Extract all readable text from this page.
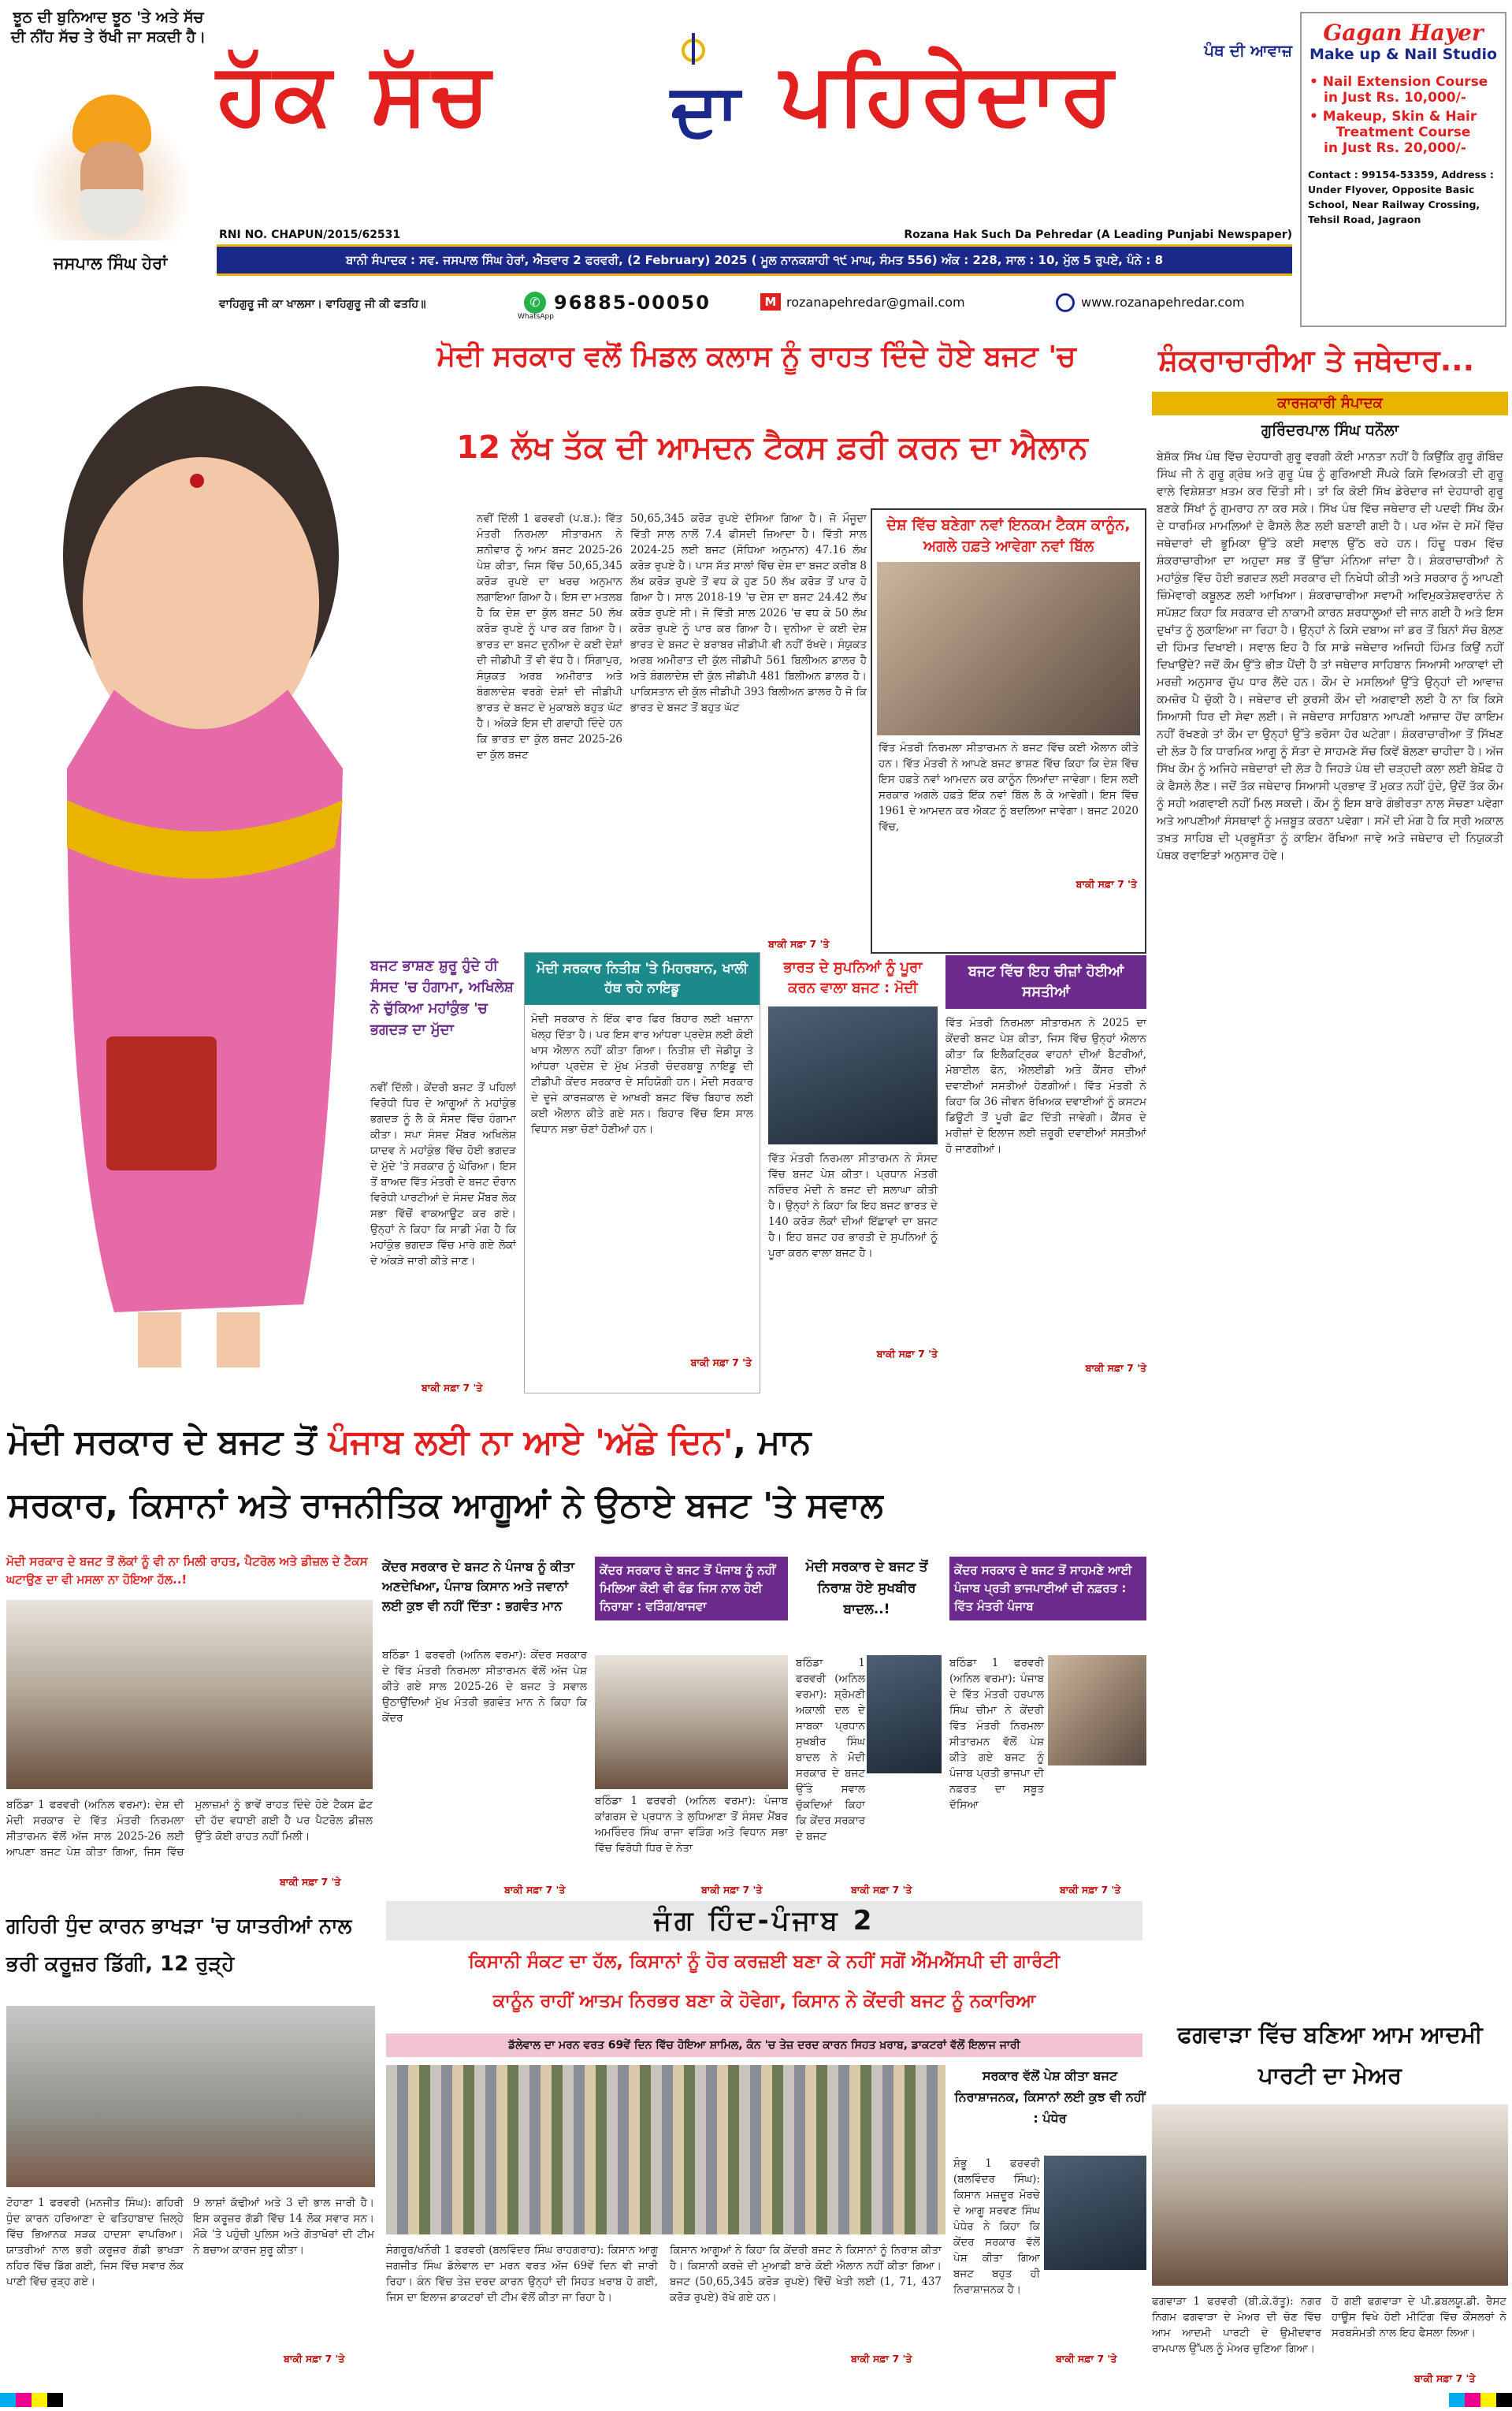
ਝੂਠ ਦੀ ਬੁਨਿਆਦ ਝੂਠ 'ਤੇ ਅਤੇ ਸੱਚ ਦੀ ਨੀਂਹ ਸੱਚ ਤੇ ਰੱਖੀ ਜਾ ਸਕਦੀ ਹੈ।
ਜਸਪਾਲ ਸਿੰਘ ਹੇਰਾਂ
ਹੱਕ ਸੱਚ	ਦਾ ਪਹਿਰੇਦਾਰ	ਪੰਥ ਦੀ ਆਵਾਜ਼
RNI NO. CHAPUN/2015/62531	Rozana Hak Such Da Pehredar (A Leading Punjabi Newspaper)
ਬਾਨੀ ਸੰਪਾਦਕ : ਸਵ. ਜਸਪਾਲ ਸਿੰਘ ਹੇਰਾਂ, ਐਤਵਾਰ 2 ਫਰਵਰੀ, (2 February) 2025 ( ਮੂਲ ਨਾਨਕਸ਼ਾਹੀ ੧੯ ਮਾਘ, ਸੰਮਤ 556) ਅੰਕ : 228, ਸਾਲ : 10, ਮੁੱਲ 5 ਰੁਪਏ, ਪੰਨੇ : 8
ਵਾਹਿਗੁਰੂ ਜੀ ਕਾ ਖਾਲਸਾ। ਵਾਹਿਗੁਰੂ ਜੀ ਕੀ ਫਤਹਿ॥	✆
WhatsApp
96885-00050	M rozanapehredar@gmail.com	www.rozanapehredar.com
Gagan Hayer
Make up & Nail Studio
• Nail Extension Course
in Just Rs. 10,000/-
• Makeup, Skin & Hair
Treatment Course
in Just Rs. 20,000/-
Contact : 99154-53359, Address : Under Flyover, Opposite Basic School, Near Railway Crossing, Tehsil Road, Jagraon
ਮੋਦੀ ਸਰਕਾਰ ਵਲੋਂ ਮਿਡਲ ਕਲਾਸ ਨੂੰ ਰਾਹਤ ਦਿੰਦੇ ਹੋਏ ਬਜਟ 'ਚ
12 ਲੱਖ ਤੱਕ ਦੀ ਆਮਦਨ ਟੈਕਸ ਫ਼ਰੀ ਕਰਨ ਦਾ ਐਲਾਨ
ਨਵੀਂ ਦਿੱਲੀ 1 ਫਰਵਰੀ (ਪ.ਬ.): ਵਿੱਤ ਮੰਤਰੀ ਨਿਰਮਲਾ ਸੀਤਾਰਮਨ ਨੇ ਸ਼ਨੀਵਾਰ ਨੂੰ ਆਮ ਬਜਟ 2025-26 ਪੇਸ਼ ਕੀਤਾ, ਜਿਸ ਵਿੱਚ 50,65,345 ਕਰੋੜ ਰੁਪਏ ਦਾ ਖਰਚ ਅਨੁਮਾਨ ਲਗਾਇਆ ਗਿਆ ਹੈ। ਇਸ ਦਾ ਮਤਲਬ ਹੈ ਕਿ ਦੇਸ਼ ਦਾ ਕੁੱਲ ਬਜਟ 50 ਲੱਖ ਕਰੋੜ ਰੁਪਏ ਨੂੰ ਪਾਰ ਕਰ ਗਿਆ ਹੈ। ਭਾਰਤ ਦਾ ਬਜਟ ਦੁਨੀਆ ਦੇ ਕਈ ਦੇਸ਼ਾਂ ਦੀ ਜੀਡੀਪੀ ਤੋਂ ਵੀ ਵੱਧ ਹੈ। ਸਿੰਗਾਪੁਰ, ਸੰਯੁਕਤ ਅਰਬ ਅਮੀਰਾਤ ਅਤੇ ਬੰਗਲਾਦੇਸ਼ ਵਰਗੇ ਦੇਸ਼ਾਂ ਦੀ ਜੀਡੀਪੀ ਭਾਰਤ ਦੇ ਬਜਟ ਦੇ ਮੁਕਾਬਲੇ ਬਹੁਤ ਘੱਟ ਹੈ। ਅੰਕੜੇ ਇਸ ਦੀ ਗਵਾਹੀ ਦਿੰਦੇ ਹਨ ਕਿ ਭਾਰਤ ਦਾ ਕੁੱਲ ਬਜਟ 2025-26 ਦਾ ਕੁੱਲ ਬਜਟ
50,65,345 ਕਰੋੜ ਰੁਪਏ ਦੱਸਿਆ ਗਿਆ ਹੈ। ਜੋ ਮੌਜੂਦਾ ਵਿੱਤੀ ਸਾਲ ਨਾਲੋਂ 7.4 ਫੀਸਦੀ ਜ਼ਿਆਦਾ ਹੈ। ਵਿੱਤੀ ਸਾਲ 2024-25 ਲਈ ਬਜਟ (ਸੋਧਿਆ ਅਨੁਮਾਨ) 47.16 ਲੱਖ ਕਰੋੜ ਰੁਪਏ ਹੈ। ਪਾਸ ਸੱਤ ਸਾਲਾਂ ਵਿੱਚ ਦੇਸ਼ ਦਾ ਬਜਟ ਕਰੀਬ 8 ਲੱਖ ਕਰੋੜ ਰੁਪਏ ਤੋਂ ਵਧ ਕੇ ਹੁਣ 50 ਲੱਖ ਕਰੋੜ ਤੋਂ ਪਾਰ ਹੋ ਗਿਆ ਹੈ। ਸਾਲ 2018-19 'ਚ ਦੇਸ਼ ਦਾ ਬਜਟ 24.42 ਲੱਖ ਕਰੋੜ ਰੁਪਏ ਸੀ। ਜੋ ਵਿੱਤੀ ਸਾਲ 2026 'ਚ ਵਧ ਕੇ 50 ਲੱਖ ਕਰੋੜ ਰੁਪਏ ਨੂੰ ਪਾਰ ਕਰ ਗਿਆ ਹੈ। ਦੁਨੀਆ ਦੇ ਕਈ ਦੇਸ਼ ਭਾਰਤ ਦੇ ਬਜਟ ਦੇ ਬਰਾਬਰ ਜੀਡੀਪੀ ਵੀ ਨਹੀਂ ਰੱਖਦੇ। ਸੰਯੁਕਤ ਅਰਬ ਅਮੀਰਾਤ ਦੀ ਕੁੱਲ ਜੀਡੀਪੀ 561 ਬਿਲੀਅਨ ਡਾਲਰ ਹੈ ਅਤੇ ਬੰਗਲਾਦੇਸ਼ ਦੀ ਕੁੱਲ ਜੀਡੀਪੀ 481 ਬਿਲੀਅਨ ਡਾਲਰ ਹੈ। ਪਾਕਿਸਤਾਨ ਦੀ ਕੁੱਲ ਜੀਡੀਪੀ 393 ਬਿਲੀਅਨ ਡਾਲਰ ਹੈ ਜੋ ਕਿ ਭਾਰਤ ਦੇ ਬਜਟ ਤੋਂ ਬਹੁਤ ਘੱਟ
ਬਾਕੀ ਸਫ਼ਾ 7 'ਤੇ
ਦੇਸ਼ ਵਿੱਚ ਬਣੇਗਾ ਨਵਾਂ ਇਨਕਮ ਟੈਕਸ ਕਾਨੂੰਨ, ਅਗਲੇ ਹਫ਼ਤੇ ਆਵੇਗਾ ਨਵਾਂ ਬਿੱਲ
ਵਿੱਤ ਮੰਤਰੀ ਨਿਰਮਲਾ ਸੀਤਾਰਮਨ ਨੇ ਬਜਟ ਵਿੱਚ ਕਈ ਐਲਾਨ ਕੀਤੇ ਹਨ। ਵਿੱਤ ਮੰਤਰੀ ਨੇ ਆਪਣੇ ਬਜਟ ਭਾਸ਼ਣ ਵਿੱਚ ਕਿਹਾ ਕਿ ਦੇਸ਼ ਵਿੱਚ ਇਸ ਹਫ਼ਤੇ ਨਵਾਂ ਆਮਦਨ ਕਰ ਕਾਨੂੰਨ ਲਿਆਂਦਾ ਜਾਵੇਗਾ। ਇਸ ਲਈ ਸਰਕਾਰ ਅਗਲੇ ਹਫ਼ਤੇ ਇੱਕ ਨਵਾਂ ਬਿੱਲ ਲੈ ਕੇ ਆਵੇਗੀ। ਇਸ ਵਿੱਚ 1961 ਦੇ ਆਮਦਨ ਕਰ ਐਕਟ ਨੂੰ ਬਦਲਿਆ ਜਾਵੇਗਾ। ਬਜਟ 2020 ਵਿੱਚ,
ਬਾਕੀ ਸਫ਼ਾ 7 'ਤੇ
ਬਜਟ ਭਾਸ਼ਣ ਸ਼ੁਰੂ ਹੁੰਦੇ ਹੀ ਸੰਸਦ 'ਚ ਹੰਗਾਮਾ, ਅਖਿਲੇਸ਼ ਨੇ ਚੁੱਕਿਆ ਮਹਾਂਕੁੰਭ 'ਚ ਭਗਦੜ ਦਾ ਮੁੱਦਾ
ਨਵੀਂ ਦਿੱਲੀ। ਕੇਂਦਰੀ ਬਜਟ ਤੋਂ ਪਹਿਲਾਂ ਵਿਰੋਧੀ ਧਿਰ ਦੇ ਆਗੂਆਂ ਨੇ ਮਹਾਂਕੁੰਭ ਭਗਦੜ ਨੂੰ ਲੈ ਕੇ ਸੰਸਦ ਵਿੱਚ ਹੰਗਾਮਾ ਕੀਤਾ। ਸਪਾ ਸੰਸਦ ਮੈਂਬਰ ਅਖਿਲੇਸ਼ ਯਾਦਵ ਨੇ ਮਹਾਂਕੁੰਭ ਵਿੱਚ ਹੋਈ ਭਗਦੜ ਦੇ ਮੁੱਦੇ 'ਤੇ ਸਰਕਾਰ ਨੂੰ ਘੇਰਿਆ। ਇਸ ਤੋਂ ਬਾਅਦ ਵਿੱਤ ਮੰਤਰੀ ਦੇ ਬਜਟ ਦੌਰਾਨ ਵਿਰੋਧੀ ਪਾਰਟੀਆਂ ਦੇ ਸੰਸਦ ਮੈਂਬਰ ਲੋਕ ਸਭਾ ਵਿੱਚੋਂ ਵਾਕਆਊਟ ਕਰ ਗਏ। ਉਨ੍ਹਾਂ ਨੇ ਕਿਹਾ ਕਿ ਸਾਡੀ ਮੰਗ ਹੈ ਕਿ ਮਹਾਂਕੁੰਭ ਭਗਦੜ ਵਿੱਚ ਮਾਰੇ ਗਏ ਲੋਕਾਂ ਦੇ ਅੰਕੜੇ ਜਾਰੀ ਕੀਤੇ ਜਾਣ।
ਬਾਕੀ ਸਫ਼ਾ 7 'ਤੇ
ਮੋਦੀ ਸਰਕਾਰ ਨਿਤੀਸ਼ 'ਤੇ ਮਿਹਰਬਾਨ, ਖਾਲੀ ਹੱਥ ਰਹੇ ਨਾਇਡੂ
ਮੋਦੀ ਸਰਕਾਰ ਨੇ ਇੱਕ ਵਾਰ ਫਿਰ ਬਿਹਾਰ ਲਈ ਖਜ਼ਾਨਾ ਖੋਲ੍ਹ ਦਿੱਤਾ ਹੈ। ਪਰ ਇਸ ਵਾਰ ਆਂਧਰਾ ਪ੍ਰਦੇਸ਼ ਲਈ ਕੋਈ ਖਾਸ ਐਲਾਨ ਨਹੀਂ ਕੀਤਾ ਗਿਆ। ਨਿਤੀਸ਼ ਦੀ ਜੇਡੀਯੂ ਤੇ ਆਂਧਰਾ ਪ੍ਰਦੇਸ਼ ਦੇ ਮੁੱਖ ਮੰਤਰੀ ਚੰਦਰਬਾਬੂ ਨਾਇਡੂ ਦੀ ਟੀਡੀਪੀ ਕੇਂਦਰ ਸਰਕਾਰ ਦੇ ਸਹਿਯੋਗੀ ਹਨ। ਮੋਦੀ ਸਰਕਾਰ ਦੇ ਦੂਜੇ ਕਾਰਜਕਾਲ ਦੇ ਆਖਰੀ ਬਜਟ ਵਿੱਚ ਬਿਹਾਰ ਲਈ ਕਈ ਐਲਾਨ ਕੀਤੇ ਗਏ ਸਨ। ਬਿਹਾਰ ਵਿੱਚ ਇਸ ਸਾਲ ਵਿਧਾਨ ਸਭਾ ਚੋਣਾਂ ਹੋਣੀਆਂ ਹਨ।
ਬਾਕੀ ਸਫ਼ਾ 7 'ਤੇ
ਭਾਰਤ ਦੇ ਸੁਪਨਿਆਂ ਨੂੰ ਪੂਰਾ ਕਰਨ ਵਾਲਾ ਬਜਟ : ਮੋਦੀ
ਵਿੱਤ ਮੰਤਰੀ ਨਿਰਮਲਾ ਸੀਤਾਰਮਨ ਨੇ ਸੰਸਦ ਵਿੱਚ ਬਜਟ ਪੇਸ਼ ਕੀਤਾ। ਪ੍ਰਧਾਨ ਮੰਤਰੀ ਨਰਿੰਦਰ ਮੋਦੀ ਨੇ ਬਜਟ ਦੀ ਸ਼ਲਾਘਾ ਕੀਤੀ ਹੈ। ਉਨ੍ਹਾਂ ਨੇ ਕਿਹਾ ਕਿ ਇਹ ਬਜਟ ਭਾਰਤ ਦੇ 140 ਕਰੋੜ ਲੋਕਾਂ ਦੀਆਂ ਇੱਛਾਵਾਂ ਦਾ ਬਜਟ ਹੈ। ਇਹ ਬਜਟ ਹਰ ਭਾਰਤੀ ਦੇ ਸੁਪਨਿਆਂ ਨੂੰ ਪੂਰਾ ਕਰਨ ਵਾਲਾ ਬਜਟ ਹੈ।
ਬਾਕੀ ਸਫ਼ਾ 7 'ਤੇ
ਬਜਟ ਵਿੱਚ ਇਹ ਚੀਜ਼ਾਂ ਹੋਈਆਂ ਸਸਤੀਆਂ
ਵਿੱਤ ਮੰਤਰੀ ਨਿਰਮਲਾ ਸੀਤਾਰਮਨ ਨੇ 2025 ਦਾ ਕੇਂਦਰੀ ਬਜਟ ਪੇਸ਼ ਕੀਤਾ, ਜਿਸ ਵਿੱਚ ਉਨ੍ਹਾਂ ਐਲਾਨ ਕੀਤਾ ਕਿ ਇਲੈਕਟ੍ਰਿਕ ਵਾਹਨਾਂ ਦੀਆਂ ਬੈਟਰੀਆਂ, ਮੋਬਾਈਲ ਫੋਨ, ਐਲਈਡੀ ਅਤੇ ਕੈਂਸਰ ਦੀਆਂ ਦਵਾਈਆਂ ਸਸਤੀਆਂ ਹੋਣਗੀਆਂ। ਵਿੱਤ ਮੰਤਰੀ ਨੇ ਕਿਹਾ ਕਿ 36 ਜੀਵਨ ਰੱਖਿਅਕ ਦਵਾਈਆਂ ਨੂੰ ਕਸਟਮ ਡਿਊਟੀ ਤੋਂ ਪੂਰੀ ਛੋਟ ਦਿੱਤੀ ਜਾਵੇਗੀ। ਕੈਂਸਰ ਦੇ ਮਰੀਜ਼ਾਂ ਦੇ ਇਲਾਜ ਲਈ ਜ਼ਰੂਰੀ ਦਵਾਈਆਂ ਸਸਤੀਆਂ ਹੋ ਜਾਣਗੀਆਂ।
ਬਾਕੀ ਸਫ਼ਾ 7 'ਤੇ
ਸ਼ੰਕਰਾਚਾਰੀਆ ਤੇ ਜਥੇਦਾਰ...
ਕਾਰਜਕਾਰੀ ਸੰਪਾਦਕ
ਗੁਰਿੰਦਰਪਾਲ ਸਿੰਘ ਧਨੌਲਾ
ਬੇਸ਼ੱਕ ਸਿੱਖ ਪੰਥ ਵਿੱਚ ਦੇਹਧਾਰੀ ਗੁਰੂ ਵਰਗੀ ਕੋਈ ਮਾਨਤਾ ਨਹੀਂ ਹੈ ਕਿਉਂਕਿ ਗੁਰੂ ਗੋਬਿੰਦ ਸਿੰਘ ਜੀ ਨੇ ਗੁਰੂ ਗ੍ਰੰਥ ਅਤੇ ਗੁਰੂ ਪੰਥ ਨੂੰ ਗੁਰਿਆਈ ਸੌਂਪਕੇ ਕਿਸੇ ਵਿਅਕਤੀ ਦੀ ਗੁਰੂ ਵਾਲੇ ਵਿਸ਼ੇਸ਼ਤਾ ਖ਼ਤਮ ਕਰ ਦਿੱਤੀ ਸੀ। ਤਾਂ ਕਿ ਕੋਈ ਸਿੱਖ ਡੇਰੇਦਾਰ ਜਾਂ ਦੇਹਧਾਰੀ ਗੁਰੂ ਬਣਕੇ ਸਿੱਖਾਂ ਨੂੰ ਗੁਮਰਾਹ ਨਾ ਕਰ ਸਕੇ। ਸਿੱਖ ਪੰਥ ਵਿੱਚ ਜਥੇਦਾਰ ਦੀ ਪਦਵੀ ਸਿੱਖ ਕੌਮ ਦੇ ਧਾਰਮਿਕ ਮਾਮਲਿਆਂ ਦੇ ਫੈਸਲੇ ਲੈਣ ਲਈ ਬਣਾਈ ਗਈ ਹੈ। ਪਰ ਅੱਜ ਦੇ ਸਮੇਂ ਵਿੱਚ ਜਥੇਦਾਰਾਂ ਦੀ ਭੂਮਿਕਾ ਉੱਤੇ ਕਈ ਸਵਾਲ ਉੱਠ ਰਹੇ ਹਨ। ਹਿੰਦੂ ਧਰਮ ਵਿੱਚ ਸ਼ੰਕਰਾਚਾਰੀਆ ਦਾ ਅਹੁਦਾ ਸਭ ਤੋਂ ਉੱਚਾ ਮੰਨਿਆ ਜਾਂਦਾ ਹੈ। ਸ਼ੰਕਰਾਚਾਰੀਆਂ ਨੇ ਮਹਾਂਕੁੰਭ ਵਿੱਚ ਹੋਈ ਭਗਦੜ ਲਈ ਸਰਕਾਰ ਦੀ ਨਿਖੇਧੀ ਕੀਤੀ ਅਤੇ ਸਰਕਾਰ ਨੂੰ ਆਪਣੀ ਜ਼ਿੰਮੇਵਾਰੀ ਕਬੂਲਣ ਲਈ ਆਖਿਆ। ਸ਼ੰਕਰਾਚਾਰੀਆ ਸਵਾਮੀ ਅਵਿਮੁਕਤੇਸ਼ਵਰਾਨੰਦ ਨੇ ਸਪੱਸ਼ਟ ਕਿਹਾ ਕਿ ਸਰਕਾਰ ਦੀ ਨਾਕਾਮੀ ਕਾਰਨ ਸ਼ਰਧਾਲੂਆਂ ਦੀ ਜਾਨ ਗਈ ਹੈ ਅਤੇ ਇਸ ਦੁਖਾਂਤ ਨੂੰ ਲੁਕਾਇਆ ਜਾ ਰਿਹਾ ਹੈ। ਉਨ੍ਹਾਂ ਨੇ ਕਿਸੇ ਦਬਾਅ ਜਾਂ ਡਰ ਤੋਂ ਬਿਨਾਂ ਸੱਚ ਬੋਲਣ ਦੀ ਹਿੰਮਤ ਦਿਖਾਈ। ਸਵਾਲ ਇਹ ਹੈ ਕਿ ਸਾਡੇ ਜਥੇਦਾਰ ਅਜਿਹੀ ਹਿੰਮਤ ਕਿਉਂ ਨਹੀਂ ਦਿਖਾਉਂਦੇ? ਜਦੋਂ ਕੌਮ ਉੱਤੇ ਭੀੜ ਪੈਂਦੀ ਹੈ ਤਾਂ ਜਥੇਦਾਰ ਸਾਹਿਬਾਨ ਸਿਆਸੀ ਆਕਾਵਾਂ ਦੀ ਮਰਜ਼ੀ ਅਨੁਸਾਰ ਚੁੱਪ ਧਾਰ ਲੈਂਦੇ ਹਨ। ਕੌਮ ਦੇ ਮਸਲਿਆਂ ਉੱਤੇ ਉਨ੍ਹਾਂ ਦੀ ਆਵਾਜ਼ ਕਮਜ਼ੋਰ ਪੈ ਚੁੱਕੀ ਹੈ। ਜਥੇਦਾਰ ਦੀ ਕੁਰਸੀ ਕੌਮ ਦੀ ਅਗਵਾਈ ਲਈ ਹੈ ਨਾ ਕਿ ਕਿਸੇ ਸਿਆਸੀ ਧਿਰ ਦੀ ਸੇਵਾ ਲਈ। ਜੇ ਜਥੇਦਾਰ ਸਾਹਿਬਾਨ ਆਪਣੀ ਆਜ਼ਾਦ ਹੋਂਦ ਕਾਇਮ ਨਹੀਂ ਰੱਖਣਗੇ ਤਾਂ ਕੌਮ ਦਾ ਉਨ੍ਹਾਂ ਉੱਤੇ ਭਰੋਸਾ ਹੋਰ ਘਟੇਗਾ। ਸ਼ੰਕਰਾਚਾਰੀਆ ਤੋਂ ਸਿੱਖਣ ਦੀ ਲੋੜ ਹੈ ਕਿ ਧਾਰਮਿਕ ਆਗੂ ਨੂੰ ਸੱਤਾ ਦੇ ਸਾਹਮਣੇ ਸੱਚ ਕਿਵੇਂ ਬੋਲਣਾ ਚਾਹੀਦਾ ਹੈ। ਅੱਜ ਸਿੱਖ ਕੌਮ ਨੂੰ ਅਜਿਹੇ ਜਥੇਦਾਰਾਂ ਦੀ ਲੋੜ ਹੈ ਜਿਹੜੇ ਪੰਥ ਦੀ ਚੜ੍ਹਦੀ ਕਲਾ ਲਈ ਬੇਖ਼ੌਫ ਹੋ ਕੇ ਫੈਸਲੇ ਲੈਣ। ਜਦੋਂ ਤੱਕ ਜਥੇਦਾਰ ਸਿਆਸੀ ਪ੍ਰਭਾਵ ਤੋਂ ਮੁਕਤ ਨਹੀਂ ਹੁੰਦੇ, ਉਦੋਂ ਤੱਕ ਕੌਮ ਨੂੰ ਸਹੀ ਅਗਵਾਈ ਨਹੀਂ ਮਿਲ ਸਕਦੀ। ਕੌਮ ਨੂੰ ਇਸ ਬਾਰੇ ਗੰਭੀਰਤਾ ਨਾਲ ਸੋਚਣਾ ਪਵੇਗਾ ਅਤੇ ਆਪਣੀਆਂ ਸੰਸਥਾਵਾਂ ਨੂੰ ਮਜ਼ਬੂਤ ਕਰਨਾ ਪਵੇਗਾ। ਸਮੇਂ ਦੀ ਮੰਗ ਹੈ ਕਿ ਸ੍ਰੀ ਅਕਾਲ ਤਖ਼ਤ ਸਾਹਿਬ ਦੀ ਪ੍ਰਭੂਸੱਤਾ ਨੂੰ ਕਾਇਮ ਰੱਖਿਆ ਜਾਵੇ ਅਤੇ ਜਥੇਦਾਰ ਦੀ ਨਿਯੁਕਤੀ ਪੰਥਕ ਰਵਾਇਤਾਂ ਅਨੁਸਾਰ ਹੋਵੇ।
ਮੋਦੀ ਸਰਕਾਰ ਦੇ ਬਜਟ ਤੋਂ ਪੰਜਾਬ ਲਈ ਨਾ ਆਏ 'ਅੱਛੇ ਦਿਨ', ਮਾਨ
ਸਰਕਾਰ, ਕਿਸਾਨਾਂ ਅਤੇ ਰਾਜਨੀਤਿਕ ਆਗੂਆਂ ਨੇ ਉਠਾਏ ਬਜਟ 'ਤੇ ਸਵਾਲ
ਮੋਦੀ ਸਰਕਾਰ ਦੇ ਬਜਟ ਤੋਂ ਲੋਕਾਂ ਨੂੰ ਵੀ ਨਾ ਮਿਲੀ ਰਾਹਤ, ਪੈਟਰੋਲ ਅਤੇ ਡੀਜ਼ਲ ਦੇ ਟੈਕਸ ਘਟਾਉਣ ਦਾ ਵੀ ਮਸਲਾ ਨਾ ਹੋਇਆ ਹੱਲ..!
ਬਠਿੰਡਾ 1 ਫਰਵਰੀ (ਅਨਿਲ ਵਰਮਾ): ਦੇਸ਼ ਦੀ ਮੋਦੀ ਸਰਕਾਰ ਦੇ ਵਿੱਤ ਮੰਤਰੀ ਨਿਰਮਲਾ ਸੀਤਾਰਮਨ ਵੱਲੋਂ ਅੱਜ ਸਾਲ 2025-26 ਲਈ ਆਪਣਾ ਬਜਟ ਪੇਸ਼ ਕੀਤਾ ਗਿਆ, ਜਿਸ ਵਿੱਚ ਮੁਲਾਜ਼ਮਾਂ ਨੂੰ ਭਾਵੇਂ ਰਾਹਤ ਦਿੰਦੇ ਹੋਏ ਟੈਕਸ ਛੋਟ ਦੀ ਹੱਦ ਵਧਾਈ ਗਈ ਹੈ ਪਰ ਪੈਟਰੋਲ ਡੀਜ਼ਲ ਉੱਤੇ ਕੋਈ ਰਾਹਤ ਨਹੀਂ ਮਿਲੀ।
ਬਾਕੀ ਸਫ਼ਾ 7 'ਤੇ
ਕੇਂਦਰ ਸਰਕਾਰ ਦੇ ਬਜਟ ਨੇ ਪੰਜਾਬ ਨੂੰ ਕੀਤਾ ਅਣਦੇਖਿਆ, ਪੰਜਾਬ ਕਿਸਾਨ ਅਤੇ ਜਵਾਨਾਂ ਲਈ ਕੁਝ ਵੀ ਨਹੀਂ ਦਿੱਤਾ : ਭਗਵੰਤ ਮਾਨ
ਬਠਿੰਡਾ 1 ਫਰਵਰੀ (ਅਨਿਲ ਵਰਮਾ): ਕੇਂਦਰ ਸਰਕਾਰ ਦੇ ਵਿੱਤ ਮੰਤਰੀ ਨਿਰਮਲਾ ਸੀਤਾਰਮਨ ਵੱਲੋਂ ਅੱਜ ਪੇਸ਼ ਕੀਤੇ ਗਏ ਸਾਲ 2025-26 ਦੇ ਬਜਟ ਤੇ ਸਵਾਲ ਉਠਾਉਂਦਿਆਂ ਮੁੱਖ ਮੰਤਰੀ ਭਗਵੰਤ ਮਾਨ ਨੇ ਕਿਹਾ ਕਿ ਕੇਂਦਰ
ਬਾਕੀ ਸਫ਼ਾ 7 'ਤੇ
ਕੇਂਦਰ ਸਰਕਾਰ ਦੇ ਬਜਟ ਤੋਂ ਪੰਜਾਬ ਨੂੰ ਨਹੀਂ ਮਿਲਿਆ ਕੋਈ ਵੀ ਫੰਡ ਜਿਸ ਨਾਲ ਹੋਈ ਨਿਰਾਸ਼ਾ : ਵੜਿੰਗ/ਬਾਜਵਾ
ਬਠਿੰਡਾ 1 ਫਰਵਰੀ (ਅਨਿਲ ਵਰਮਾ): ਪੰਜਾਬ ਕਾਂਗਰਸ ਦੇ ਪ੍ਰਧਾਨ ਤੇ ਲੁਧਿਆਣਾ ਤੋਂ ਸੰਸਦ ਮੈਂਬਰ ਅਮਰਿੰਦਰ ਸਿੰਘ ਰਾਜਾ ਵੜਿੰਗ ਅਤੇ ਵਿਧਾਨ ਸਭਾ ਵਿੱਚ ਵਿਰੋਧੀ ਧਿਰ ਦੇ ਨੇਤਾ
ਬਾਕੀ ਸਫ਼ਾ 7 'ਤੇ
ਮੋਦੀ ਸਰਕਾਰ ਦੇ ਬਜਟ ਤੋਂ ਨਿਰਾਸ਼ ਹੋਏ ਸੁਖਬੀਰ ਬਾਦਲ..!
ਬਠਿੰਡਾ 1 ਫਰਵਰੀ (ਅਨਿਲ ਵਰਮਾ): ਸ਼੍ਰੋਮਣੀ ਅਕਾਲੀ ਦਲ ਦੇ ਸਾਬਕਾ ਪ੍ਰਧਾਨ ਸੁਖਬੀਰ ਸਿੰਘ ਬਾਦਲ ਨੇ ਮੋਦੀ ਸਰਕਾਰ ਦੇ ਬਜਟ ਉੱਤੇ ਸਵਾਲ ਚੁੱਕਦਿਆਂ ਕਿਹਾ ਕਿ ਕੇਂਦਰ ਸਰਕਾਰ ਦੇ ਬਜਟ
ਬਾਕੀ ਸਫ਼ਾ 7 'ਤੇ
ਕੇਂਦਰ ਸਰਕਾਰ ਦੇ ਬਜਟ ਤੋਂ ਸਾਹਮਣੇ ਆਈ ਪੰਜਾਬ ਪ੍ਰਤੀ ਭਾਜਪਾਈਆਂ ਦੀ ਨਫ਼ਰਤ : ਵਿੱਤ ਮੰਤਰੀ ਪੰਜਾਬ
ਬਠਿੰਡਾ 1 ਫਰਵਰੀ (ਅਨਿਲ ਵਰਮਾ): ਪੰਜਾਬ ਦੇ ਵਿੱਤ ਮੰਤਰੀ ਹਰਪਾਲ ਸਿੰਘ ਚੀਮਾ ਨੇ ਕੇਂਦਰੀ ਵਿੱਤ ਮੰਤਰੀ ਨਿਰਮਲਾ ਸੀਤਾਰਮਨ ਵੱਲੋਂ ਪੇਸ਼ ਕੀਤੇ ਗਏ ਬਜਟ ਨੂੰ ਪੰਜਾਬ ਪ੍ਰਤੀ ਭਾਜਪਾ ਦੀ ਨਫ਼ਰਤ ਦਾ ਸਬੂਤ ਦੱਸਿਆ
ਬਾਕੀ ਸਫ਼ਾ 7 'ਤੇ
ਗਹਿਰੀ ਧੁੰਦ ਕਾਰਨ ਭਾਖੜਾ 'ਚ ਯਾਤਰੀਆਂ ਨਾਲ ਭਰੀ ਕਰੂਜ਼ਰ ਡਿੱਗੀ, 12 ਰੁੜ੍ਹੇ
ਟੋਹਾਣਾ 1 ਫਰਵਰੀ (ਮਨਜੀਤ ਸਿੰਘ): ਗਹਿਰੀ ਧੁੰਦ ਕਾਰਨ ਹਰਿਆਣਾ ਦੇ ਫਤਿਹਾਬਾਦ ਜ਼ਿਲ੍ਹੇ ਵਿੱਚ ਭਿਆਨਕ ਸੜਕ ਹਾਦਸਾ ਵਾਪਰਿਆ। ਯਾਤਰੀਆਂ ਨਾਲ ਭਰੀ ਕਰੂਜ਼ਰ ਗੱਡੀ ਭਾਖੜਾ ਨਹਿਰ ਵਿੱਚ ਡਿੱਗ ਗਈ, ਜਿਸ ਵਿੱਚ ਸਵਾਰ ਲੋਕ ਪਾਣੀ ਵਿੱਚ ਰੁੜ੍ਹ ਗਏ।
9 ਲਾਸ਼ਾਂ ਕੱਢੀਆਂ ਅਤੇ 3 ਦੀ ਭਾਲ ਜਾਰੀ ਹੈ। ਇਸ ਕਰੂਜ਼ਰ ਗੱਡੀ ਵਿੱਚ 14 ਲੋਕ ਸਵਾਰ ਸਨ। ਮੌਕੇ 'ਤੇ ਪਹੁੰਚੀ ਪੁਲਿਸ ਅਤੇ ਗੋਤਾਖੋਰਾਂ ਦੀ ਟੀਮ ਨੇ ਬਚਾਅ ਕਾਰਜ ਸ਼ੁਰੂ ਕੀਤਾ।
ਬਾਕੀ ਸਫ਼ਾ 7 'ਤੇ
ਜੰਗ ਹਿੰਦ-ਪੰਜਾਬ 2
ਕਿਸਾਨੀ ਸੰਕਟ ਦਾ ਹੱਲ, ਕਿਸਾਨਾਂ ਨੂੰ ਹੋਰ ਕਰਜ਼ਈ ਬਣਾ ਕੇ ਨਹੀਂ ਸਗੋਂ ਐੱਮਐੱਸਪੀ ਦੀ ਗਾਰੰਟੀ
ਕਾਨੂੰਨ ਰਾਹੀਂ ਆਤਮ ਨਿਰਭਰ ਬਣਾ ਕੇ ਹੋਵੇਗਾ, ਕਿਸਾਨ ਨੇ ਕੇਂਦਰੀ ਬਜਟ ਨੂੰ ਨਕਾਰਿਆ
ਡੱਲੇਵਾਲ ਦਾ ਮਰਨ ਵਰਤ 69ਵੇਂ ਦਿਨ ਵਿੱਚ ਹੋਇਆ ਸ਼ਾਮਿਲ, ਕੰਨ 'ਚ ਤੇਜ਼ ਦਰਦ ਕਾਰਨ ਸਿਹਤ ਖ਼ਰਾਬ, ਡਾਕਟਰਾਂ ਵੱਲੋਂ ਇਲਾਜ ਜਾਰੀ
ਸੰਗਰੂਰ/ਖਨੌਰੀ 1 ਫਰਵਰੀ (ਬਲਵਿੰਦਰ ਸਿੰਘ ਰਾਹਗਰਾਹ): ਕਿਸਾਨ ਆਗੂ ਜਗਜੀਤ ਸਿੰਘ ਡੱਲੇਵਾਲ ਦਾ ਮਰਨ ਵਰਤ ਅੱਜ 69ਵੇਂ ਦਿਨ ਵੀ ਜਾਰੀ ਰਿਹਾ। ਕੰਨ ਵਿੱਚ ਤੇਜ਼ ਦਰਦ ਕਾਰਨ ਉਨ੍ਹਾਂ ਦੀ ਸਿਹਤ ਖ਼ਰਾਬ ਹੋ ਗਈ, ਜਿਸ ਦਾ ਇਲਾਜ ਡਾਕਟਰਾਂ ਦੀ ਟੀਮ ਵੱਲੋਂ ਕੀਤਾ ਜਾ ਰਿਹਾ ਹੈ।
ਕਿਸਾਨ ਆਗੂਆਂ ਨੇ ਕਿਹਾ ਕਿ ਕੇਂਦਰੀ ਬਜਟ ਨੇ ਕਿਸਾਨਾਂ ਨੂੰ ਨਿਰਾਸ਼ ਕੀਤਾ ਹੈ। ਕਿਸਾਨੀ ਕਰਜ਼ੇ ਦੀ ਮੁਆਫ਼ੀ ਬਾਰੇ ਕੋਈ ਐਲਾਨ ਨਹੀਂ ਕੀਤਾ ਗਿਆ। ਬਜਟ (50,65,345 ਕਰੋੜ ਰੁਪਏ) ਵਿੱਚੋਂ ਖੇਤੀ ਲਈ (1, 71, 437 ਕਰੋੜ ਰੁਪਏ) ਰੱਖੇ ਗਏ ਹਨ।
ਬਾਕੀ ਸਫ਼ਾ 7 'ਤੇ
ਸਰਕਾਰ ਵੱਲੋਂ ਪੇਸ਼ ਕੀਤਾ ਬਜਟ ਨਿਰਾਸ਼ਾਜਨਕ, ਕਿਸਾਨਾਂ ਲਈ ਕੁਝ ਵੀ ਨਹੀਂ : ਪੰਧੇਰ
ਸ਼ੰਭੂ 1 ਫਰਵਰੀ (ਬਲਵਿੰਦਰ ਸਿੰਘ): ਕਿਸਾਨ ਮਜ਼ਦੂਰ ਮੋਰਚੇ ਦੇ ਆਗੂ ਸਰਵਣ ਸਿੰਘ ਪੰਧੇਰ ਨੇ ਕਿਹਾ ਕਿ ਕੇਂਦਰ ਸਰਕਾਰ ਵੱਲੋਂ ਪੇਸ਼ ਕੀਤਾ ਗਿਆ ਬਜਟ ਬਹੁਤ ਹੀ ਨਿਰਾਸ਼ਾਜਨਕ ਹੈ।
ਬਾਕੀ ਸਫ਼ਾ 7 'ਤੇ
ਫਗਵਾੜਾ ਵਿੱਚ ਬਣਿਆ ਆਮ ਆਦਮੀ ਪਾਰਟੀ ਦਾ ਮੇਅਰ
ਫਗਵਾੜਾ 1 ਫਰਵਰੀ (ਬੀ.ਕੇ.ਰੱਤੂ): ਨਗਰ ਨਿਗਮ ਫਗਵਾੜਾ ਦੇ ਮੇਅਰ ਦੀ ਚੋਣ ਵਿੱਚ ਆਮ ਆਦਮੀ ਪਾਰਟੀ ਦੇ ਉਮੀਦਵਾਰ ਰਾਮਪਾਲ ਉੱਪਲ ਨੂੰ ਮੇਅਰ ਚੁਣਿਆ ਗਿਆ।
ਹੋ ਗਈ ਫਗਵਾੜਾ ਦੇ ਪੀ.ਡਬਲਯੂ.ਡੀ. ਰੈਸਟ ਹਾਊਸ ਵਿਖੇ ਹੋਈ ਮੀਟਿੰਗ ਵਿੱਚ ਕੌਂਸਲਰਾਂ ਨੇ ਸਰਬਸੰਮਤੀ ਨਾਲ ਇਹ ਫੈਸਲਾ ਲਿਆ।
ਬਾਕੀ ਸਫ਼ਾ 7 'ਤੇ
